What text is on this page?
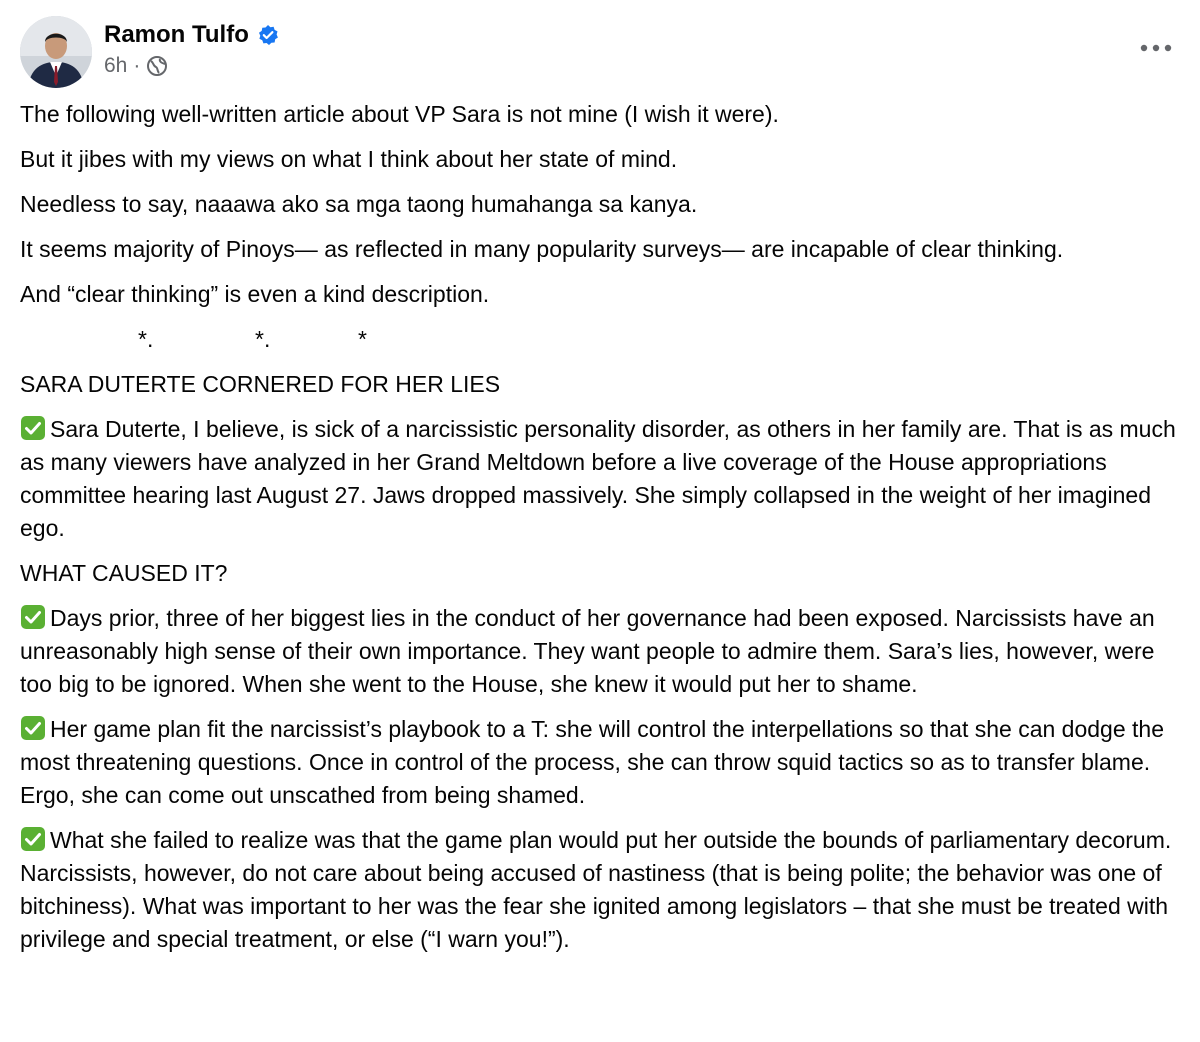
Ramon Tulfo
6h ·

The following well-written article about VP Sara is not mine (I wish it were).

But it jibes with my views on what I think about her state of mind.

Needless to say, naaawa ako sa mga taong humahanga sa kanya.

It seems majority of Pinoys— as reflected in many popularity surveys— are incapable of clear thinking.

And “clear thinking” is even a kind description.

*.	*.	*

SARA DUTERTE CORNERED FOR HER LIES

Sara Duterte, I believe, is sick of a narcissistic personality disorder, as others in her family are. That is as much as many viewers have analyzed in her Grand Meltdown before a live coverage of the House appropriations committee hearing last August 27. Jaws dropped massively. She simply collapsed in the weight of her imagined ego.

WHAT CAUSED IT?

Days prior, three of her biggest lies in the conduct of her governance had been exposed. Narcissists have an unreasonably high sense of their own importance. They want people to admire them. Sara’s lies, however, were too big to be ignored. When she went to the House, she knew it would put her to shame.

Her game plan fit the narcissist’s playbook to a T: she will control the interpellations so that she can dodge the most threatening questions. Once in control of the process, she can throw squid tactics so as to transfer blame. Ergo, she can come out unscathed from being shamed.

What she failed to realize was that the game plan would put her outside the bounds of parliamentary decorum. Narcissists, however, do not care about being accused of nastiness (that is being polite; the behavior was one of bitchiness). What was important to her was the fear she ignited among legislators – that she must be treated with privilege and special treatment, or else (“I warn you!”).
